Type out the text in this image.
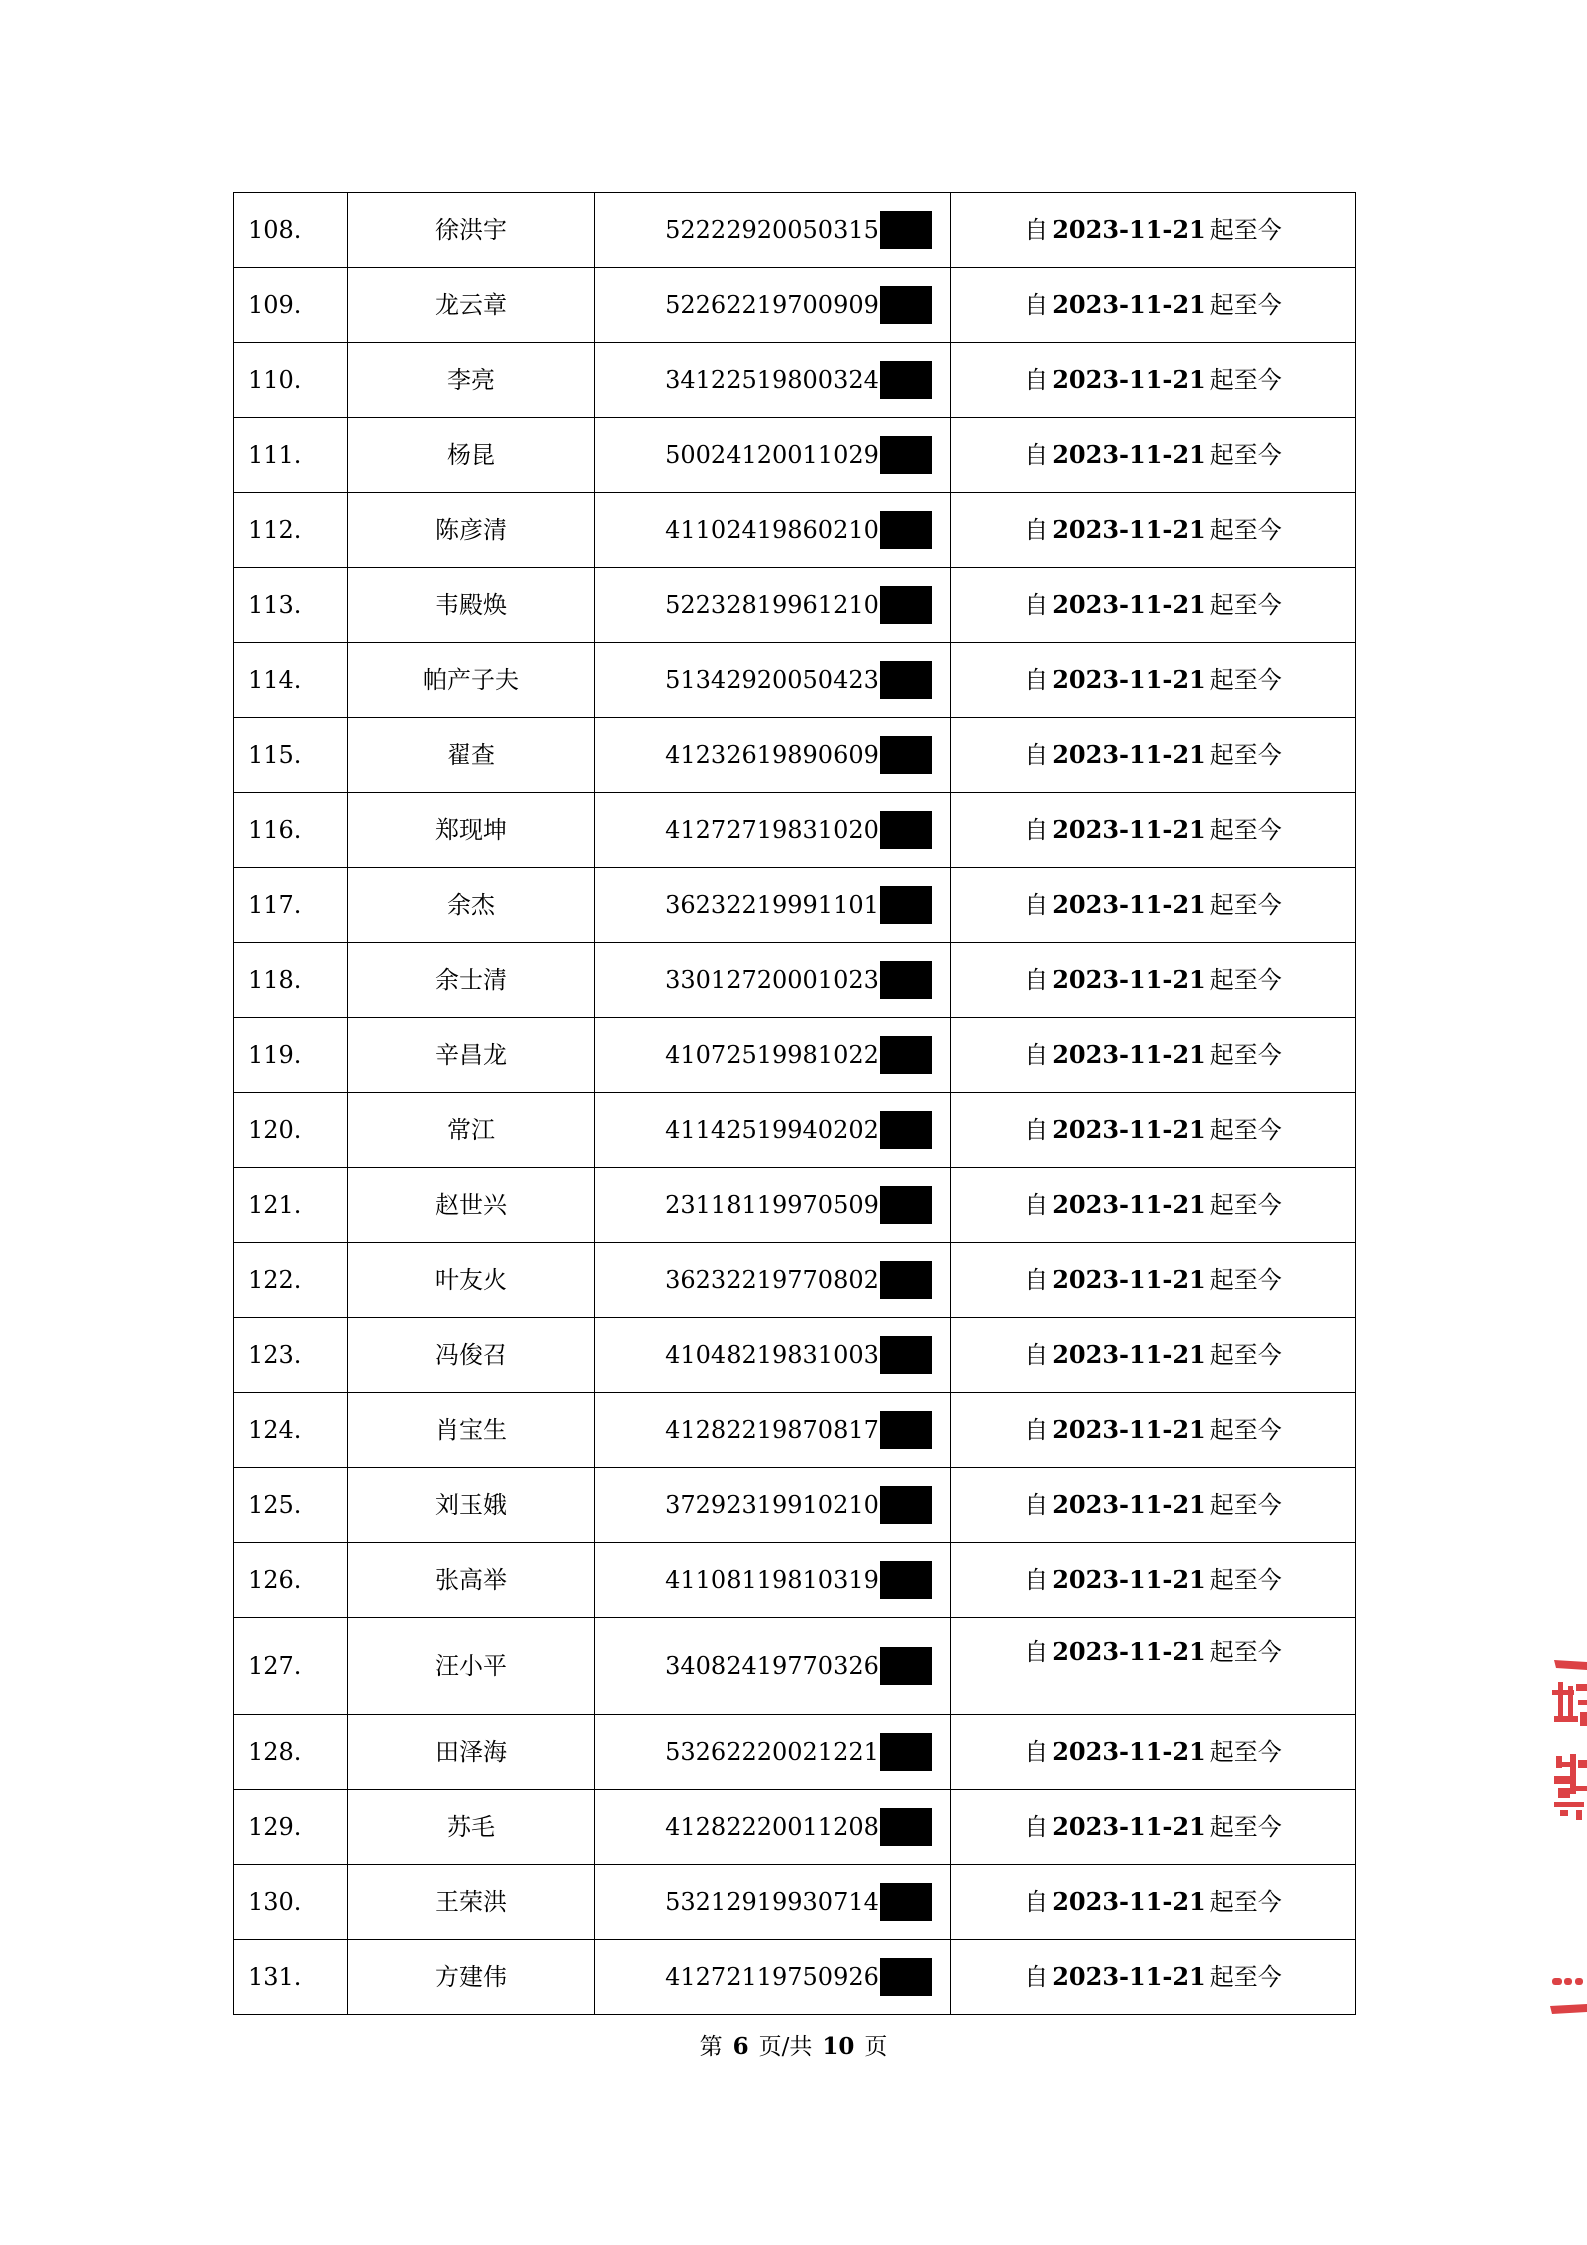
108.	徐洪宇	52222920050315	自 2023-11-21 起至今
109.	龙云章	52262219700909	自 2023-11-21 起至今
110.	李亮	34122519800324	自 2023-11-21 起至今
111.	杨昆	50024120011029	自 2023-11-21 起至今
112.	陈彦清	41102419860210	自 2023-11-21 起至今
113.	韦殿焕	52232819961210	自 2023-11-21 起至今
114.	帕产子夫	51342920050423	自 2023-11-21 起至今
115.	翟查	41232619890609	自 2023-11-21 起至今
116.	郑现坤	41272719831020	自 2023-11-21 起至今
117.	余杰	36232219991101	自 2023-11-21 起至今
118.	余士清	33012720001023	自 2023-11-21 起至今
119.	辛昌龙	41072519981022	自 2023-11-21 起至今
120.	常江	41142519940202	自 2023-11-21 起至今
121.	赵世兴	23118119970509	自 2023-11-21 起至今
122.	叶友火	36232219770802	自 2023-11-21 起至今
123.	冯俊召	41048219831003	自 2023-11-21 起至今
124.	肖宝生	41282219870817	自 2023-11-21 起至今
125.	刘玉娥	37292319910210	自 2023-11-21 起至今
126.	张高举	41108119810319	自 2023-11-21 起至今
127.	汪小平	34082419770326	自 2023-11-21 起至今
128.	田泽海	53262220021221	自 2023-11-21 起至今
129.	苏毛	41282220011208	自 2023-11-21 起至今
130.	王荣洪	53212919930714	自 2023-11-21 起至今
131.	方建伟	41272119750926	自 2023-11-21 起至今
第 6 页/共 10 页
